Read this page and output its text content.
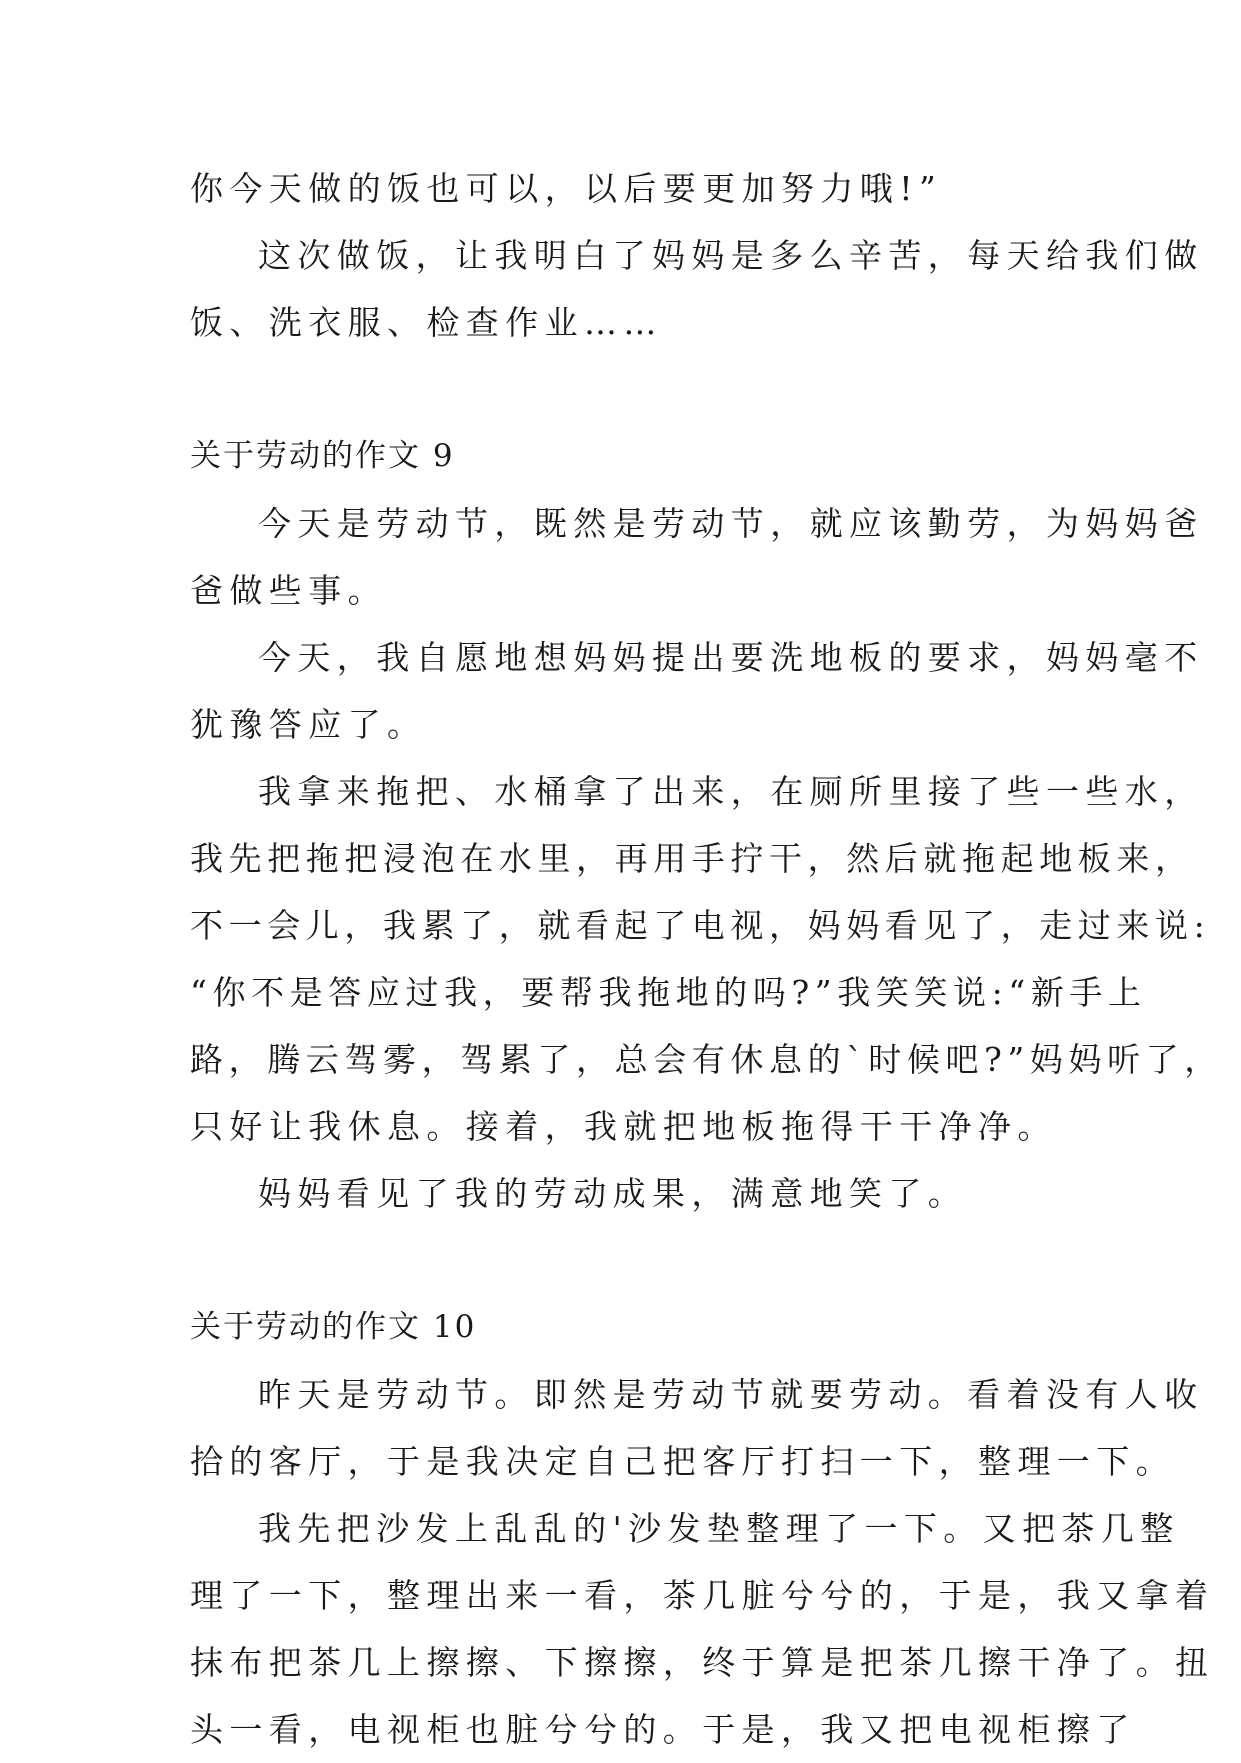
你今天做的饭也可以，以后要更加努力哦!”
这次做饭，让我明白了妈妈是多么辛苦，每天给我们做
饭、洗衣服、检查作业……
关于劳动的作文 9
今天是劳动节，既然是劳动节，就应该勤劳，为妈妈爸
爸做些事。
今天，我自愿地想妈妈提出要洗地板的要求，妈妈毫不
犹豫答应了。
我拿来拖把、水桶拿了出来，在厕所里接了些一些水，
我先把拖把浸泡在水里，再用手拧干，然后就拖起地板来，
不一会儿，我累了，就看起了电视，妈妈看见了，走过来说:
“你不是答应过我，要帮我拖地的吗?”我笑笑说:“新手上
路，腾云驾雾，驾累了，总会有休息的`时候吧?”妈妈听了，
只好让我休息。接着，我就把地板拖得干干净净。
妈妈看见了我的劳动成果，满意地笑了。
关于劳动的作文 10
昨天是劳动节。即然是劳动节就要劳动。看着没有人收
拾的客厅，于是我决定自己把客厅打扫一下，整理一下。
我先把沙发上乱乱的'沙发垫整理了一下。又把茶几整
理了一下，整理出来一看，茶几脏兮兮的，于是，我又拿着
抹布把茶几上擦擦、下擦擦，终于算是把茶几擦干净了。扭
头一看，电视柜也脏兮兮的。于是，我又把电视柜擦了
